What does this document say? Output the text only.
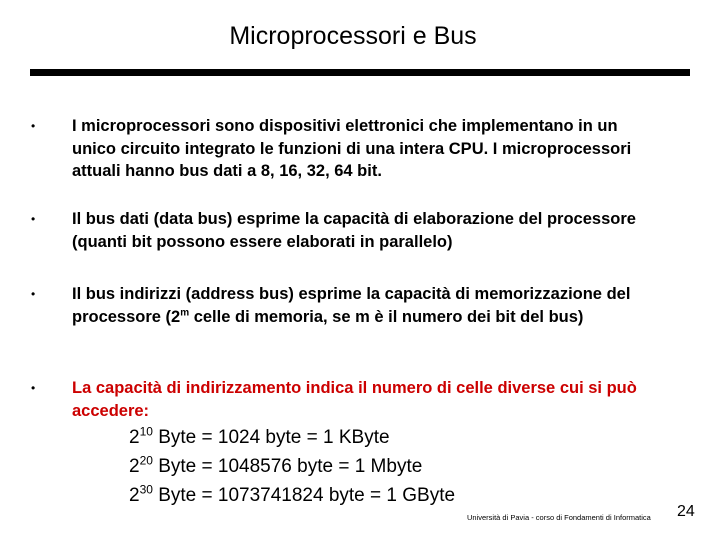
Microprocessori e Bus
• I microprocessori sono dispositivi elettronici che implementano in un unico circuito integrato le funzioni di una intera CPU. I microprocessori attuali hanno bus dati a 8, 16, 32, 64 bit.
• Il bus dati (data bus) esprime la capacità di elaborazione del processore (quanti bit possono essere elaborati in parallelo)
• Il bus indirizzi (address bus) esprime la capacità di memorizzazione del processore (2$^m$ celle di memoria, se m è il numero dei bit del bus)
• La capacità di indirizzamento indica il numero di celle diverse cui si può accedere:
$2^{10}$ Byte = 1024 byte = 1 KByte
$2^{20}$ Byte = 1048576 byte = 1 Mbyte
$2^{30}$ Byte = 1073741824 byte = 1 GByte
Università di Pavia - corso di Fondamenti di Informatica 24
